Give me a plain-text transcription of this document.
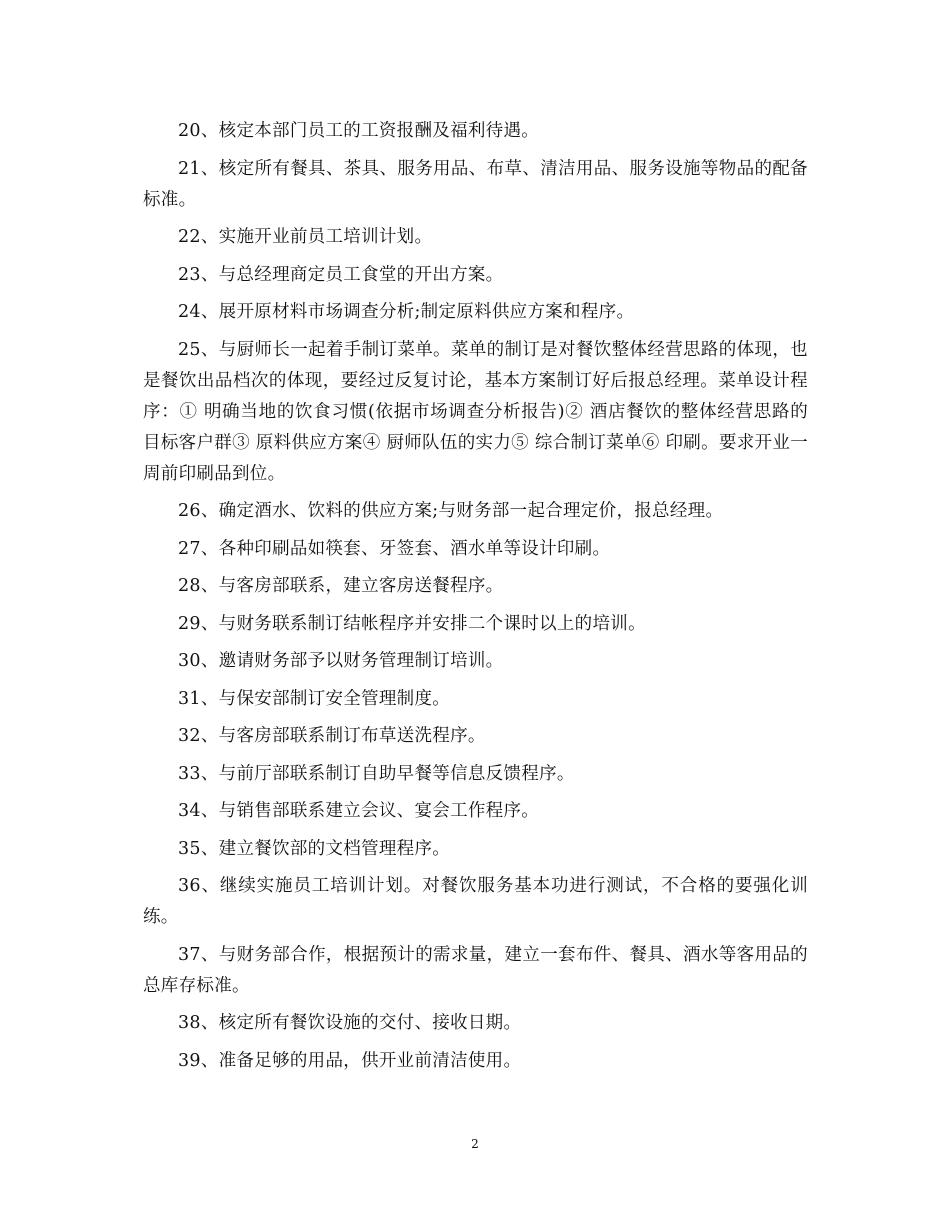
20、核定本部门员工的工资报酬及福利待遇。

21、核定所有餐具、茶具、服务用品、布草、清洁用品、服务设施等物品的配备标准。

22、实施开业前员工培训计划。

23、与总经理商定员工食堂的开出方案。

24、展开原材料市场调查分析;制定原料供应方案和程序。

25、与厨师长一起着手制订菜单。菜单的制订是对餐饮整体经营思路的体现，也是餐饮出品档次的体现，要经过反复讨论，基本方案制订好后报总经理。菜单设计程序：① 明确当地的饮食习惯(依据市场调查分析报告)② 酒店餐饮的整体经营思路的目标客户群③ 原料供应方案④ 厨师队伍的实力⑤ 综合制订菜单⑥ 印刷。要求开业一周前印刷品到位。

26、确定酒水、饮料的供应方案;与财务部一起合理定价，报总经理。

27、各种印刷品如筷套、牙签套、酒水单等设计印刷。

28、与客房部联系，建立客房送餐程序。

29、与财务联系制订结帐程序并安排二个课时以上的培训。

30、邀请财务部予以财务管理制订培训。

31、与保安部制订安全管理制度。

32、与客房部联系制订布草送洗程序。

33、与前厅部联系制订自助早餐等信息反馈程序。

34、与销售部联系建立会议、宴会工作程序。

35、建立餐饮部的文档管理程序。

36、继续实施员工培训计划。对餐饮服务基本功进行测试，不合格的要强化训练。

37、与财务部合作，根据预计的需求量，建立一套布件、餐具、酒水等客用品的总库存标准。

38、核定所有餐饮设施的交付、接收日期。

39、准备足够的用品，供开业前清洁使用。

2
